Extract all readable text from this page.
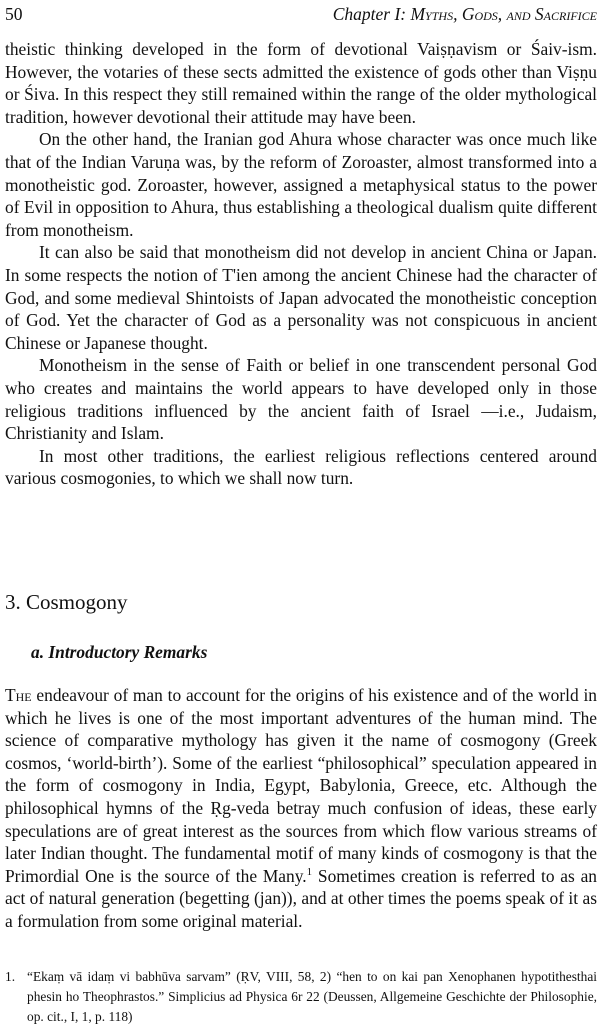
50	Chapter I: Myths, Gods, and Sacrifice

theistic thinking developed in the form of devotional Vaiṣṇavism or Śaiv-ism. However, the votaries of these sects admitted the existence of gods other than Viṣṇu or Śiva. In this respect they still remained within the range of the older mythological tradition, however devotional their attitude may have been.

On the other hand, the Iranian god Ahura whose character was once much like that of the Indian Varuṇa was, by the reform of Zoroaster, almost transformed into a monotheistic god. Zoroaster, however, assigned a metaphysical status to the power of Evil in opposition to Ahura, thus establishing a theological dualism quite different from monotheism.

It can also be said that monotheism did not develop in ancient China or Japan. In some respects the notion of T'ien among the ancient Chinese had the character of God, and some medieval Shintoists of Japan advocated the monotheistic conception of God. Yet the character of God as a personality was not conspicuous in ancient Chinese or Japanese thought.

Monotheism in the sense of Faith or belief in one transcendent personal God who creates and maintains the world appears to have developed only in those religious traditions influenced by the ancient faith of Israel —i.e., Judaism, Christianity and Islam.

In most other traditions, the earliest religious reflections centered around various cosmogonies, to which we shall now turn.

3. Cosmogony
a. Introductory Remarks

The endeavour of man to account for the origins of his existence and of the world in which he lives is one of the most important adventures of the human mind. The science of comparative mythology has given it the name of cosmogony (Greek cosmos, ‘world-birth’). Some of the earliest “philosophical” speculation appeared in the form of cosmogony in India, Egypt, Babylonia, Greece, etc. Although the philosophical hymns of the Ṛg-veda betray much confusion of ideas, these early speculations are of great interest as the sources from which flow various streams of later Indian thought. The fundamental motif of many kinds of cosmogony is that the Primordial One is the source of the Many.$^1$ Sometimes creation is referred to as an act of natural generation (begetting (jan)), and at other times the poems speak of it as a formulation from some original material.

1. “Ekaṃ vā idaṃ vi babhūva sarvam” (ṚV, VIII, 58, 2) “hen to on kai pan Xenophanen hypotithesthai phesin ho Theophrastos.” Simplicius ad Physica 6r 22 (Deussen, Allgemeine Geschichte der Philosophie, op. cit., I, 1, p. 118)
